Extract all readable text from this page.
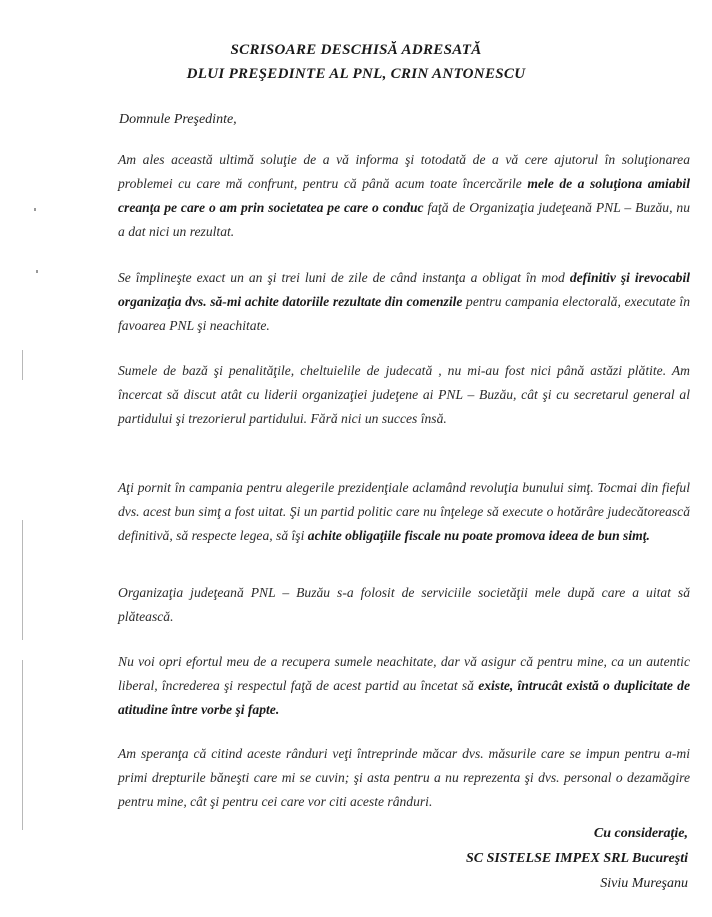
SCRISOARE DESCHISĂ ADRESATĂ
DLUI PREŞEDINTE AL PNL, CRIN ANTONESCU

Domnule Preşedinte,

Am ales această ultimă soluţie de a vă informa şi totodată de a vă cere ajutorul în soluţionarea problemei cu care mă confrunt, pentru că până acum toate încercările mele de a soluţiona amiabil creanţa pe care o am prin societatea pe care o conduc faţă de Organizaţia judeţeană PNL – Buzău, nu a dat nici un rezultat.

Se împlineşte exact un an şi trei luni de zile de când instanţa a obligat în mod definitiv şi irevocabil organizaţia dvs. să-mi achite datoriile rezultate din comenzile pentru campania electorală, executate în favoarea PNL şi neachitate.

Sumele de bază şi penalităţile, cheltuielile de judecată , nu mi-au fost nici până astăzi plătite. Am încercat să discut atât cu liderii organizaţiei judeţene ai PNL – Buzău, cât şi cu secretarul general al partidului şi trezorierul partidului. Fără nici un succes însă.

Aţi pornit în campania pentru alegerile prezidenţiale aclamând revoluţia bunului simţ. Tocmai din fieful dvs. acest bun simţ a fost uitat. Şi un partid politic care nu înţelege să execute o hotărâre judecătorească definitivă, să respecte legea, să îşi achite obligaţiile fiscale nu poate promova ideea de bun simţ.

Organizaţia judeţeană PNL – Buzău s-a folosit de serviciile societăţii mele după care a uitat să plătească.

Nu voi opri efortul meu de a recupera sumele neachitate, dar vă asigur că pentru mine, ca un autentic liberal, încrederea şi respectul faţă de acest partid au încetat să existe, întrucât există o duplicitate de atitudine între vorbe şi fapte.

Am speranţa că citind aceste rânduri veţi întreprinde măcar dvs. măsurile care se impun pentru a-mi primi drepturile băneşti care mi se cuvin; şi asta pentru a nu reprezenta şi dvs. personal o dezamăgire pentru mine, cât şi pentru cei care vor citi aceste rânduri.

Cu consideraţie,

SC SISTELSE IMPEX SRL Bucureşti

Siviu Mureşanu
